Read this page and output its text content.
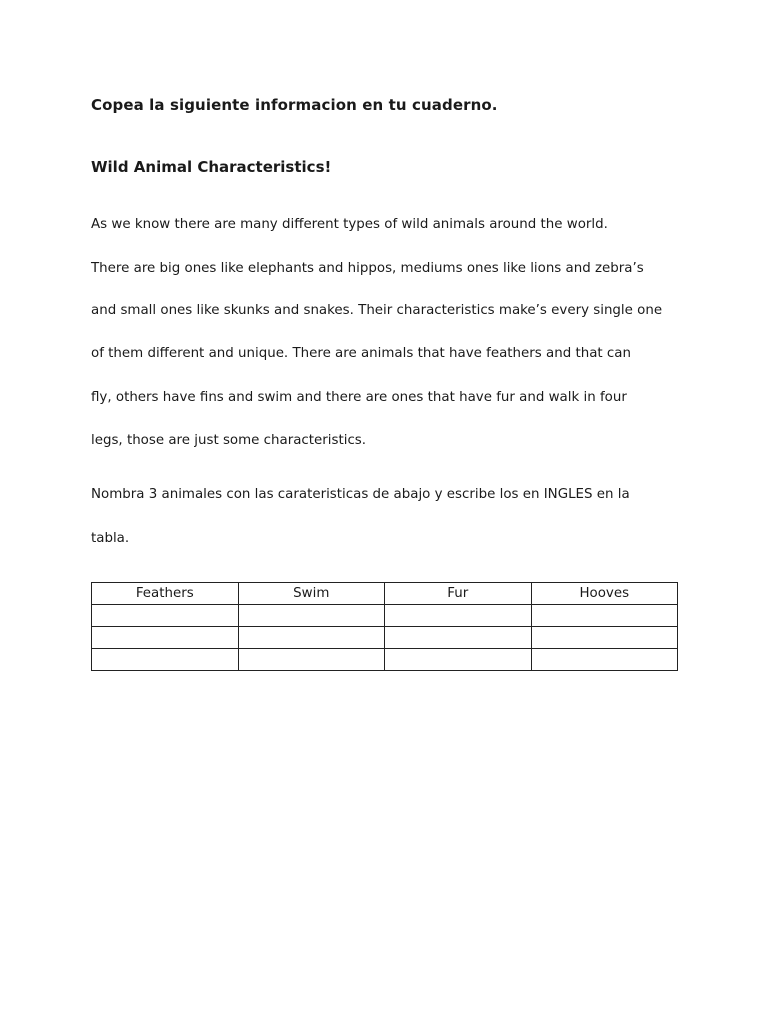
Copea la siguiente informacion en tu cuaderno.

Wild Animal Characteristics!

As we know there are many different types of wild animals around the world.

There are big ones like elephants and hippos, mediums ones like lions and zebra’s

and small ones like skunks and snakes. Their characteristics make’s every single one

of them different and unique. There are animals that have feathers and that can

fly, others have fins and swim and there are ones that have fur and walk in four

legs, those are just some characteristics.

Nombra 3 animales con las carateristicas de abajo y escribe los en INGLES en la

tabla.

Feathers	Swim	Fur	Hooves
